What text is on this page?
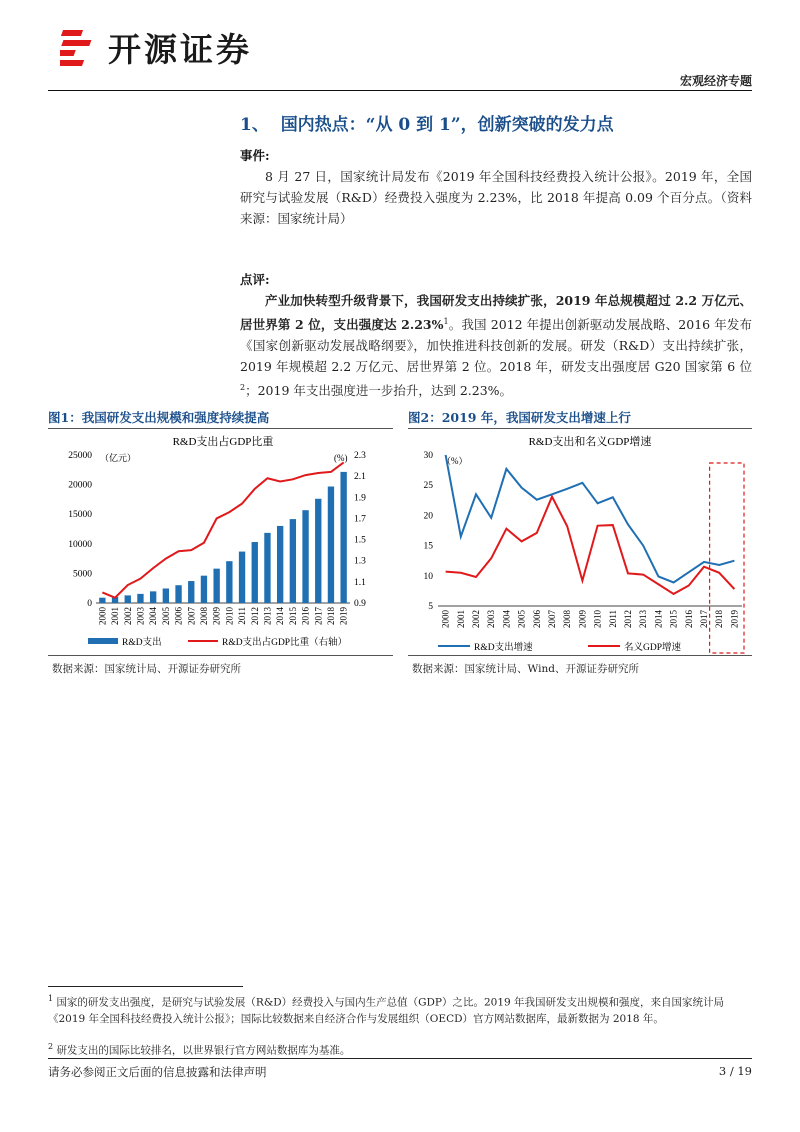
开源证券
宏观经济专题
1、 国内热点：“从 0 到 1”，创新突破的发力点
事件:
8 月 27 日，国家统计局发布《2019 年全国科技经费投入统计公报》。2019 年，全国研究与试验发展（R&D）经费投入强度为 2.23%，比 2018 年提高 0.09 个百分点。（资料来源：国家统计局）
点评:
产业加快转型升级背景下，我国研发支出持续扩张，2019 年总规模超过 2.2 万亿元、居世界第 2 位，支出强度达 2.23%$^1$。我国 2012 年提出创新驱动发展战略、2016 年发布《国家创新驱动发展战略纲要》，加快推进科技创新的发展。研发（R&D）支出持续扩张，2019 年规模超 2.2 万亿元、居世界第 2 位。2018 年，研发支出强度居 G20 国家第 6 位$^2$；2019 年支出强度进一步抬升，达到 2.23%。
图1：我国研发支出规模和强度持续提高
R&D支出占GDP比重
（亿元）	(%)
0
5000
10000
15000
20000
25000
0.9
1.1
1.3
1.5
1.7
1.9
2.1
2.3
2000 2001 2002 2003 2004 2005 2006 2007 2008 2009 2010 2011 2012 2013 2014 2015 2016 2017 2018 2019
R&D支出	R&D支出占GDP比重（右轴）
数据来源：国家统计局、开源证券研究所
图2：2019 年，我国研发支出增速上行
R&D支出和名义GDP增速
（%）
5
10
15
20
25
30
2000 2001 2002 2003 2004 2005 2006 2007 2008 2009 2010 2011 2012 2013 2014 2015 2016 2017 2018 2019
R&D支出增速	名义GDP增速
数据来源：国家统计局、Wind、开源证券研究所
$^1$ 国家的研发支出强度，是研究与试验发展（R&D）经费投入与国内生产总值（GDP）之比。2019 年我国研发支出规模和强度，来自国家统计局《2019 年全国科技经费投入统计公报》；国际比较数据来自经济合作与发展组织（OECD）官方网站数据库，最新数据为 2018 年。
$^2$ 研发支出的国际比较排名，以世界银行官方网站数据库为基准。
请务必参阅正文后面的信息披露和法律声明	3 / 19
